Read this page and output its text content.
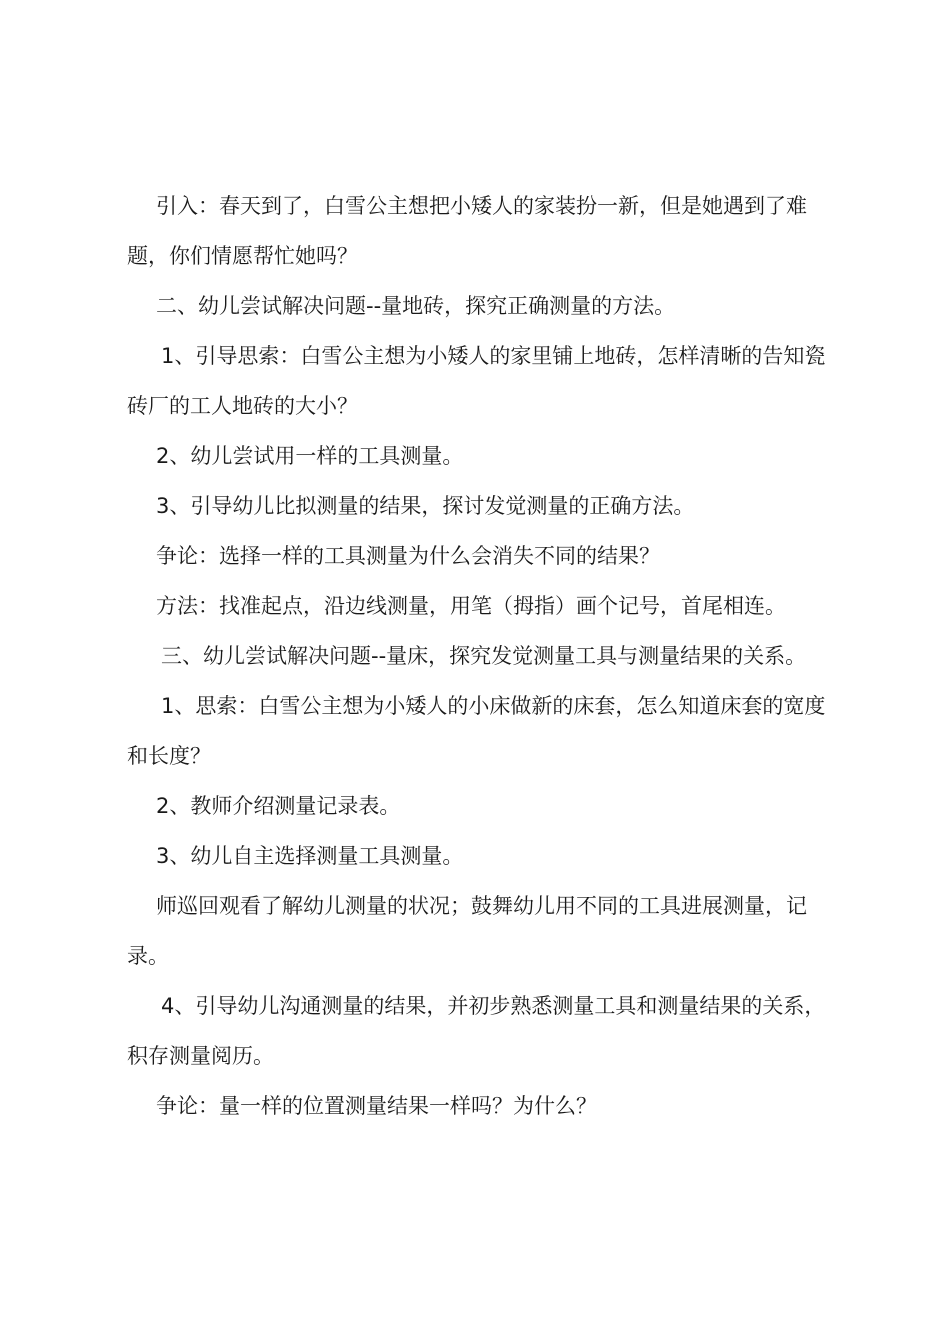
引入：春天到了，白雪公主想把小矮人的家装扮一新，但是她遇到了难题，你们情愿帮忙她吗？

二、幼儿尝试解决问题--量地砖，探究正确测量的方法。

1、引导思索：白雪公主想为小矮人的家里铺上地砖，怎样清晰的告知瓷砖厂的工人地砖的大小？

2、幼儿尝试用一样的工具测量。

3、引导幼儿比拟测量的结果，探讨发觉测量的正确方法。

争论：选择一样的工具测量为什么会消失不同的结果？

方法：找准起点，沿边线测量，用笔（拇指）画个记号，首尾相连。

三、幼儿尝试解决问题--量床，探究发觉测量工具与测量结果的关系。

1、思索：白雪公主想为小矮人的小床做新的床套，怎么知道床套的宽度和长度？

2、教师介绍测量记录表。

3、幼儿自主选择测量工具测量。

师巡回观看了解幼儿测量的状况；鼓舞幼儿用不同的工具进展测量，记录。

4、引导幼儿沟通测量的结果，并初步熟悉测量工具和测量结果的关系，积存测量阅历。

争论：量一样的位置测量结果一样吗？为什么？
